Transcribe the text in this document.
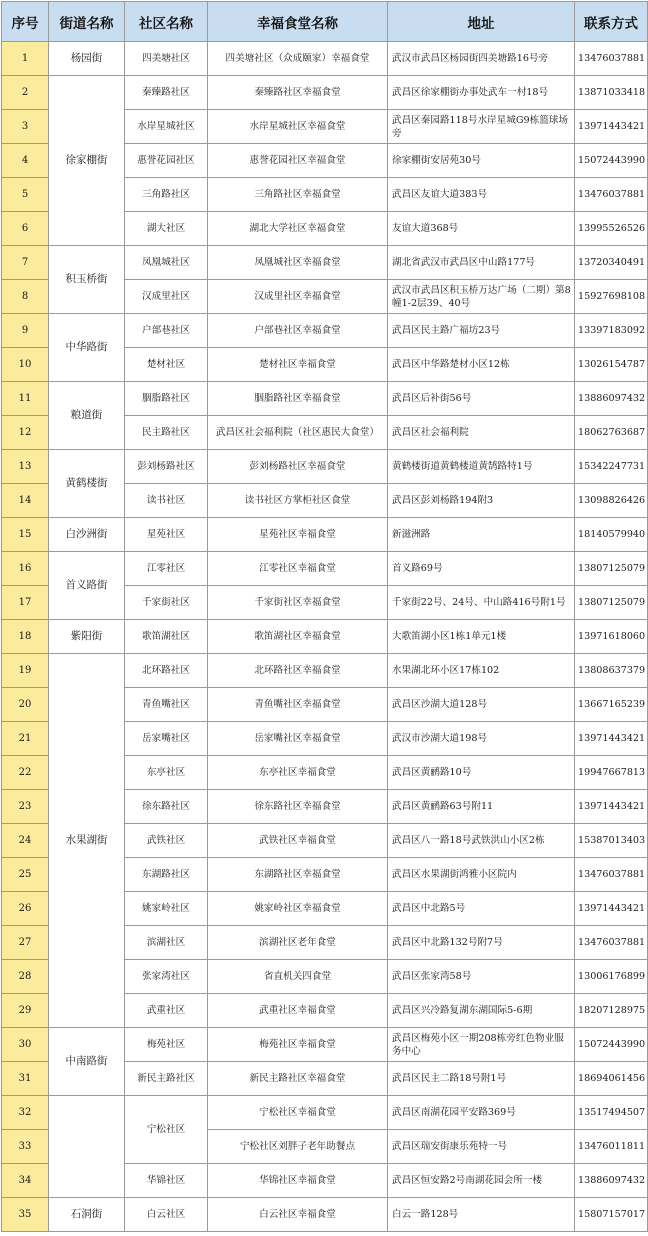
序号	街道名称	社区名称	幸福食堂名称	地址	联系方式
1	杨园街	四美塘社区	四美塘社区（众成颐家）幸福食堂	武汉市武昌区杨园街四美塘路16号旁	13476037881
2	徐家棚街	秦臻路社区	秦臻路社区幸福食堂	武昌区徐家棚街办事处武车一村18号	13871033418
3		水岸星城社区	水岸星城社区幸福食堂	武昌区秦园路118号水岸星城G9栋篮球场旁	13971443421
4		惠誉花园社区	惠誉花园社区幸福食堂	徐家棚街安居苑30号	15072443990
5		三角路社区	三角路社区幸福食堂	武昌区友谊大道383号	13476037881
6		湖大社区	湖北大学社区幸福食堂	友谊大道368号	13995526526
7	积玉桥街	凤凰城社区	凤凰城社区幸福食堂	湖北省武汉市武昌区中山路177号	13720340491
8		汉成里社区	汉成里社区幸福食堂	武汉市武昌区积玉桥万达广场（二期）第8幢1-2层39、40号	15927698108
9	中华路街	户部巷社区	户部巷社区幸福食堂	武昌区民主路广福坊23号	13397183092
10		楚材社区	楚材社区幸福食堂	武昌区中华路楚材小区12栋	13026154787
11	粮道街	胭脂路社区	胭脂路社区幸福食堂	武昌区后补街56号	13886097432
12		民主路社区	武昌区社会福利院（社区惠民大食堂）	武昌区社会福利院	18062763687
13	黄鹤楼街	彭刘杨路社区	彭刘杨路社区幸福食堂	黄鹤楼街道黄鹤楼道黄鹄路特1号	15342247731
14		读书社区	读书社区方掌柜社区食堂	武昌区彭刘杨路194附3	13098826426
15	白沙洲街	星苑社区	星苑社区幸福食堂	新滋洲路	18140579940
16	首义路街	江零社区	江零社区幸福食堂	首义路69号	13807125079
17		千家街社区	千家街社区幸福食堂	千家街22号、24号、中山路416号附1号	13807125079
18	紫阳街	歌笛湖社区	歌笛湖社区幸福食堂	大歌笛湖小区1栋1单元1楼	13971618060
19	水果湖街	北环路社区	北环路社区幸福食堂	水果湖北环小区17栋102	13808637379
20		青鱼嘴社区	青鱼嘴社区幸福食堂	武昌区沙湖大道128号	13667165239
21		岳家嘴社区	岳家嘴社区幸福食堂	武汉市沙湖大道198号	13971443421
22		东亭社区	东亭社区幸福食堂	武昌区黄鹂路10号	19947667813
23		徐东路社区	徐东路社区幸福食堂	武昌区黄鹂路63号附11	13971443421
24		武铁社区	武铁社区幸福食堂	武昌区八一路18号武铁洪山小区2栋	15387013403
25		东湖路社区	东湖路社区幸福食堂	武昌区水果湖街鸿雅小区院内	13476037881
26		姚家岭社区	姚家岭社区幸福食堂	武昌区中北路5号	13971443421
27		滨湖社区	滨湖社区老年食堂	武昌区中北路132号附7号	13476037881
28		张家湾社区	省直机关四食堂	武昌区张家湾58号	13006176899
29		武重社区	武重社区幸福食堂	武昌区兴冷路复湖东湖国际5-6期	18207128975
30	中南路街	梅苑社区	梅苑社区幸福食堂	武昌区梅苑小区一期208栋旁红色物业服务中心	15072443990
31		新民主路社区	新民主路社区幸福食堂	武昌区民主二路18号附1号	18694061456
32		宁松社区	宁松社区幸福食堂	武昌区南湖花园平安路369号	13517494507
33			宁松社区刘胖子老年助餐点	武昌区瑞安街康乐苑特一号	13476011811
34		华锦社区	华锦社区幸福食堂	武昌区恒安路2号南湖花园会所一楼	13886097432
35	石洞街	白云社区	白云社区幸福食堂	白云一路128号	15807157017
